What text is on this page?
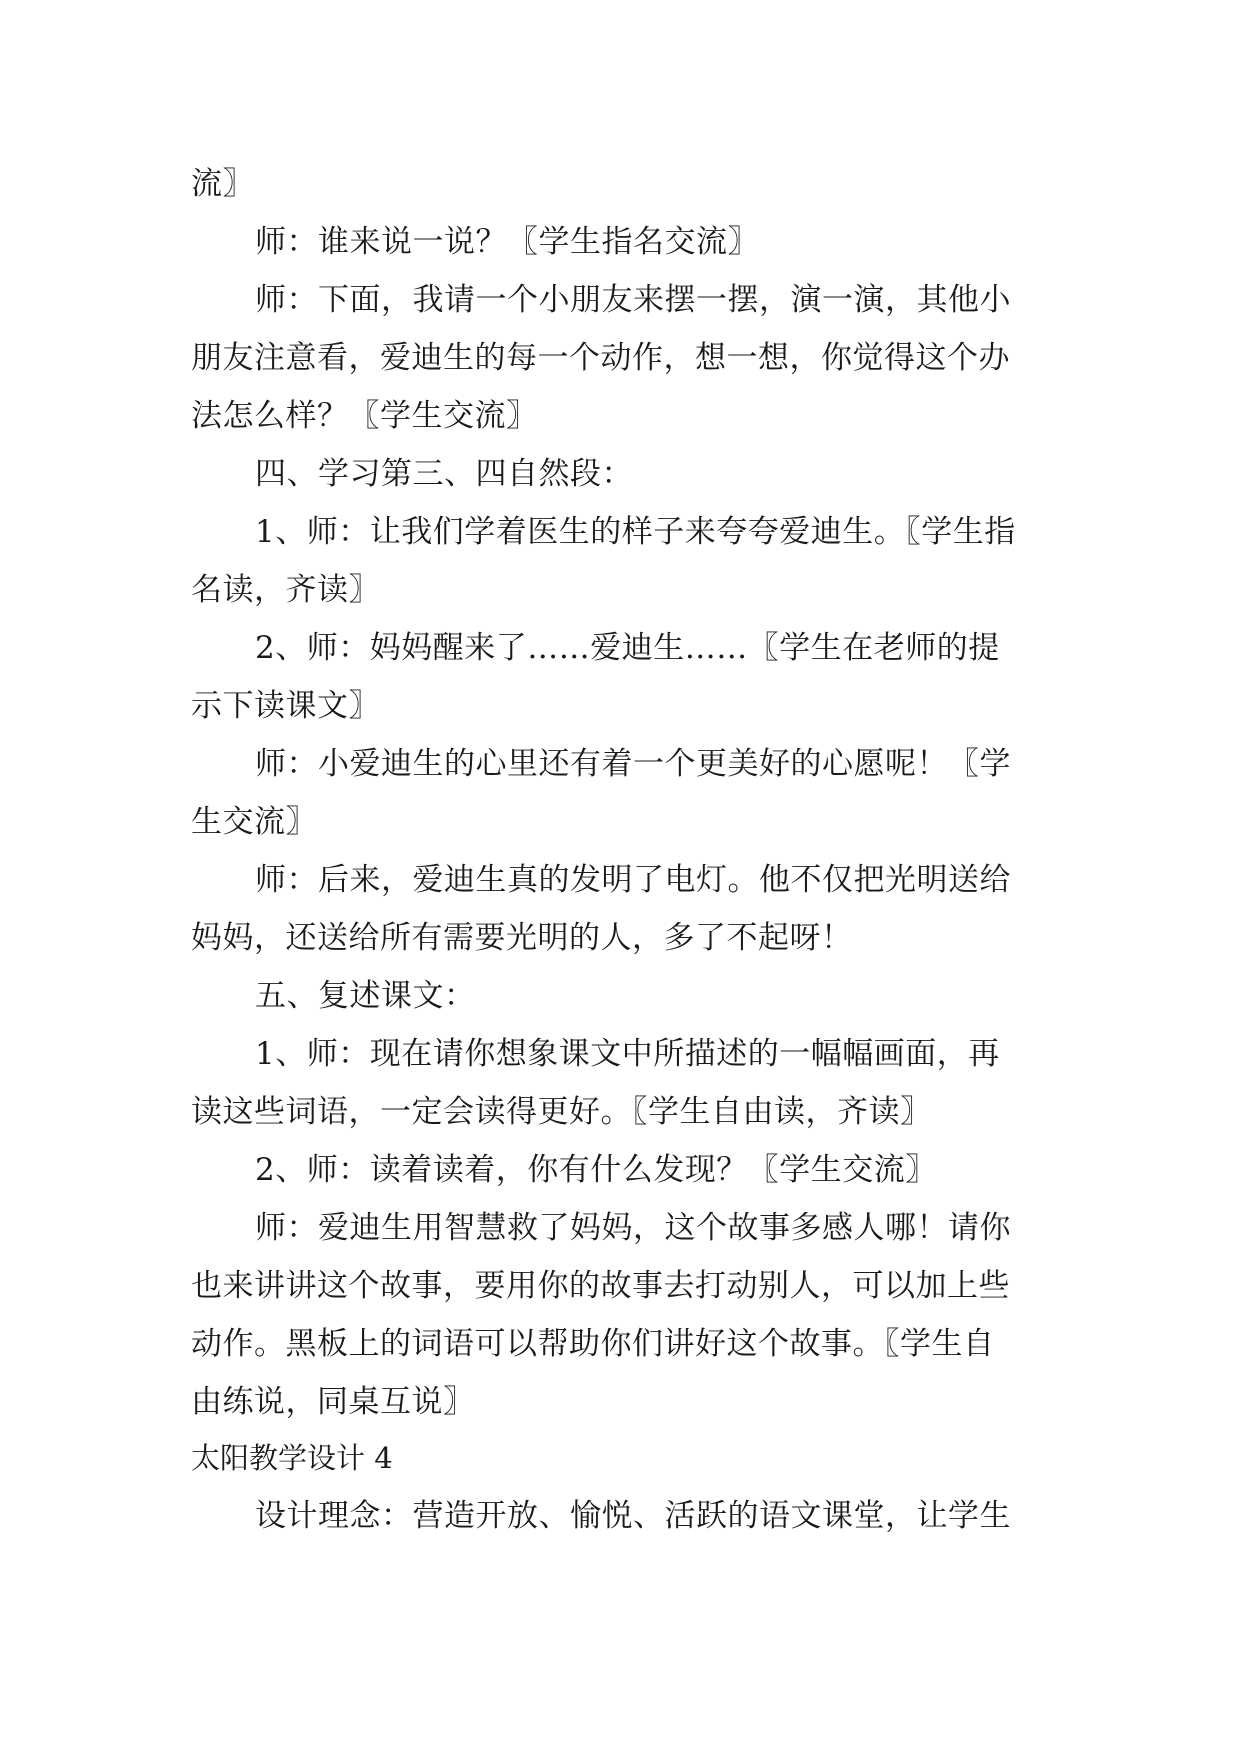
流〗

师：谁来说一说？〖学生指名交流〗

师：下面，我请一个小朋友来摆一摆，演一演，其他小

朋友注意看，爱迪生的每一个动作，想一想，你觉得这个办

法怎么样？〖学生交流〗

四、学习第三、四自然段：

1、师：让我们学着医生的样子来夸夸爱迪生。〖学生指

名读，齐读〗

2、师：妈妈醒来了……爱迪生……〖学生在老师的提

示下读课文〗

师：小爱迪生的心里还有着一个更美好的心愿呢！〖学

生交流〗

师：后来，爱迪生真的发明了电灯。他不仅把光明送给

妈妈，还送给所有需要光明的人，多了不起呀！

五、复述课文：

1、师：现在请你想象课文中所描述的一幅幅画面，再

读这些词语，一定会读得更好。〖学生自由读，齐读〗

2、师：读着读着，你有什么发现？〖学生交流〗

师：爱迪生用智慧救了妈妈，这个故事多感人哪！请你

也来讲讲这个故事，要用你的故事去打动别人，可以加上些

动作。黑板上的词语可以帮助你们讲好这个故事。〖学生自

由练说，同桌互说〗

太阳教学设计 4

设计理念：营造开放、愉悦、活跃的语文课堂，让学生
